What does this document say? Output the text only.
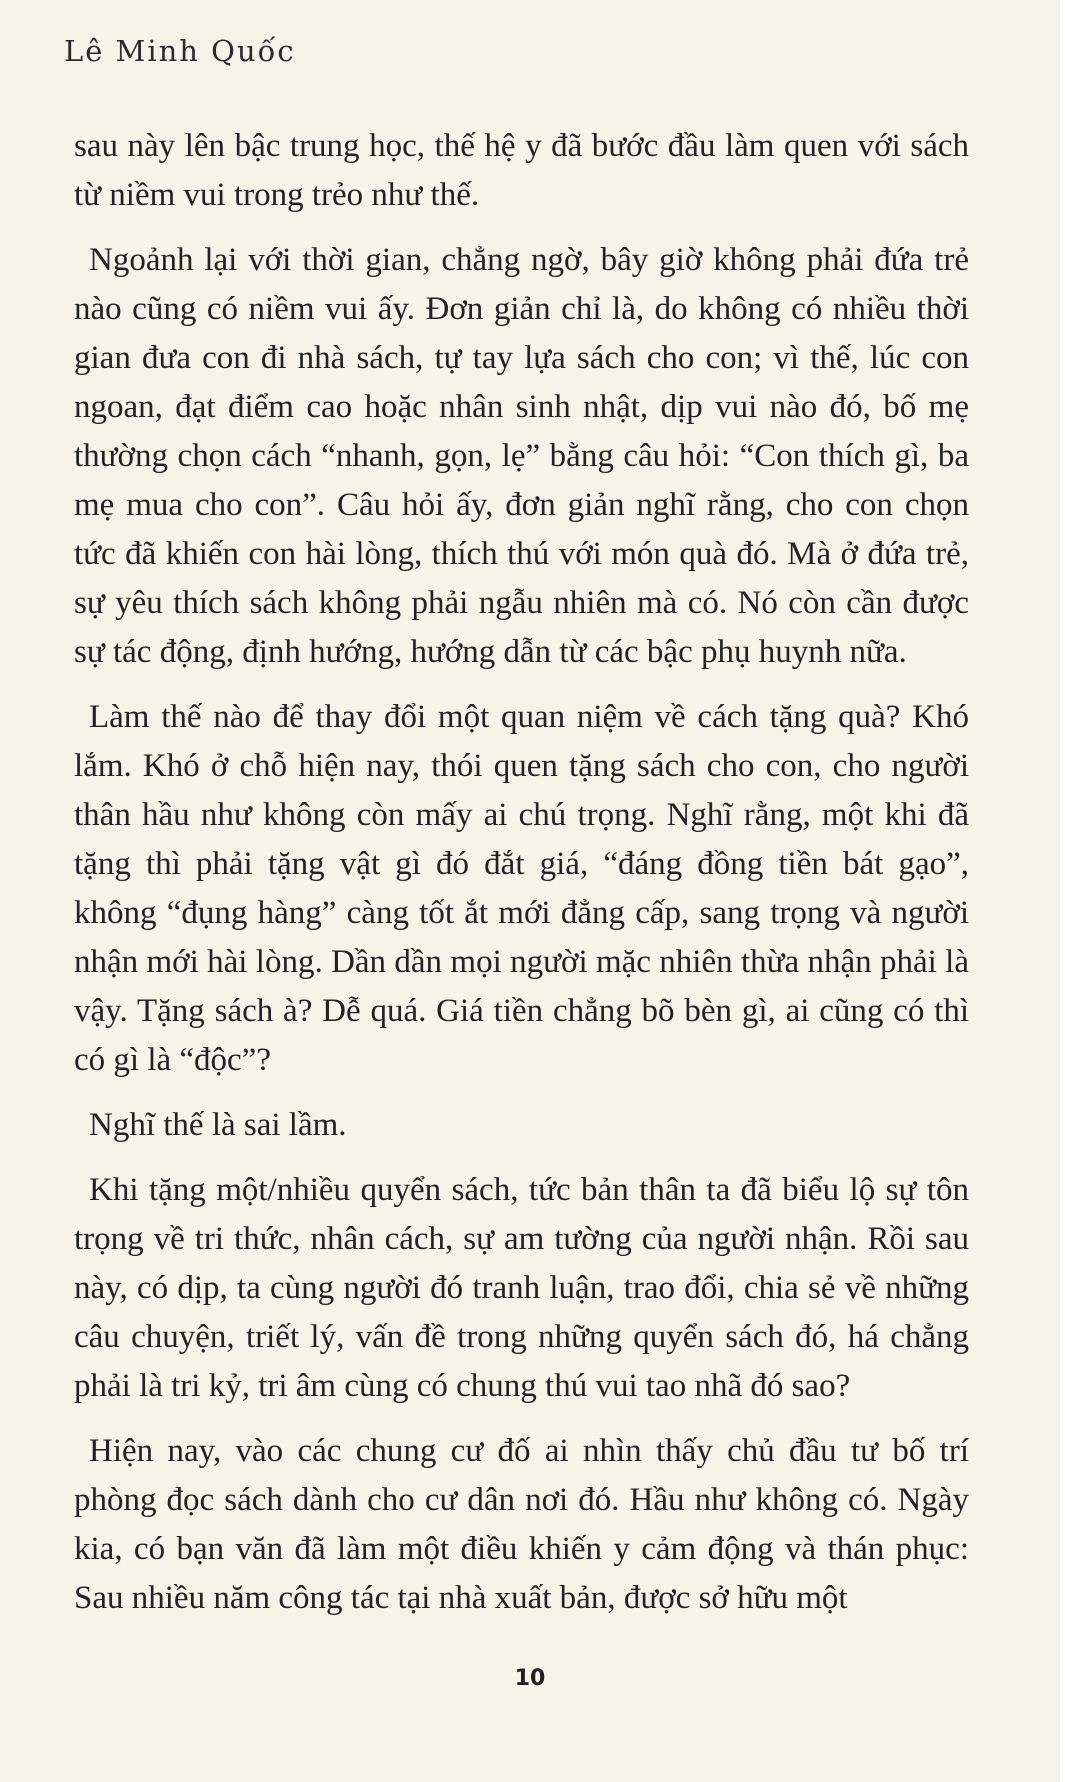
Lê Minh Quốc

sau này lên bậc trung học, thế hệ y đã bước đầu làm quen với sách từ niềm vui trong trẻo như thế.

Ngoảnh lại với thời gian, chẳng ngờ, bây giờ không phải đứa trẻ nào cũng có niềm vui ấy. Đơn giản chỉ là, do không có nhiều thời gian đưa con đi nhà sách, tự tay lựa sách cho con; vì thế, lúc con ngoan, đạt điểm cao hoặc nhân sinh nhật, dịp vui nào đó, bố mẹ thường chọn cách “nhanh, gọn, lẹ” bằng câu hỏi: “Con thích gì, ba mẹ mua cho con”. Câu hỏi ấy, đơn giản nghĩ rằng, cho con chọn tức đã khiến con hài lòng, thích thú với món quà đó. Mà ở đứa trẻ, sự yêu thích sách không phải ngẫu nhiên mà có. Nó còn cần được sự tác động, định hướng, hướng dẫn từ các bậc phụ huynh nữa.

Làm thế nào để thay đổi một quan niệm về cách tặng quà? Khó lắm. Khó ở chỗ hiện nay, thói quen tặng sách cho con, cho người thân hầu như không còn mấy ai chú trọng. Nghĩ rằng, một khi đã tặng thì phải tặng vật gì đó đắt giá, “đáng đồng tiền bát gạo”, không “đụng hàng” càng tốt ắt mới đẳng cấp, sang trọng và người nhận mới hài lòng. Dần dần mọi người mặc nhiên thừa nhận phải là vậy. Tặng sách à? Dễ quá. Giá tiền chẳng bõ bèn gì, ai cũng có thì có gì là “độc”?

Nghĩ thế là sai lầm.

Khi tặng một/nhiều quyển sách, tức bản thân ta đã biểu lộ sự tôn trọng về tri thức, nhân cách, sự am tường của người nhận. Rồi sau này, có dịp, ta cùng người đó tranh luận, trao đổi, chia sẻ về những câu chuyện, triết lý, vấn đề trong những quyển sách đó, há chẳng phải là tri kỷ, tri âm cùng có chung thú vui tao nhã đó sao?

Hiện nay, vào các chung cư đố ai nhìn thấy chủ đầu tư bố trí phòng đọc sách dành cho cư dân nơi đó. Hầu như không có. Ngày kia, có bạn văn đã làm một điều khiến y cảm động và thán phục: Sau nhiều năm công tác tại nhà xuất bản, được sở hữu một

10
